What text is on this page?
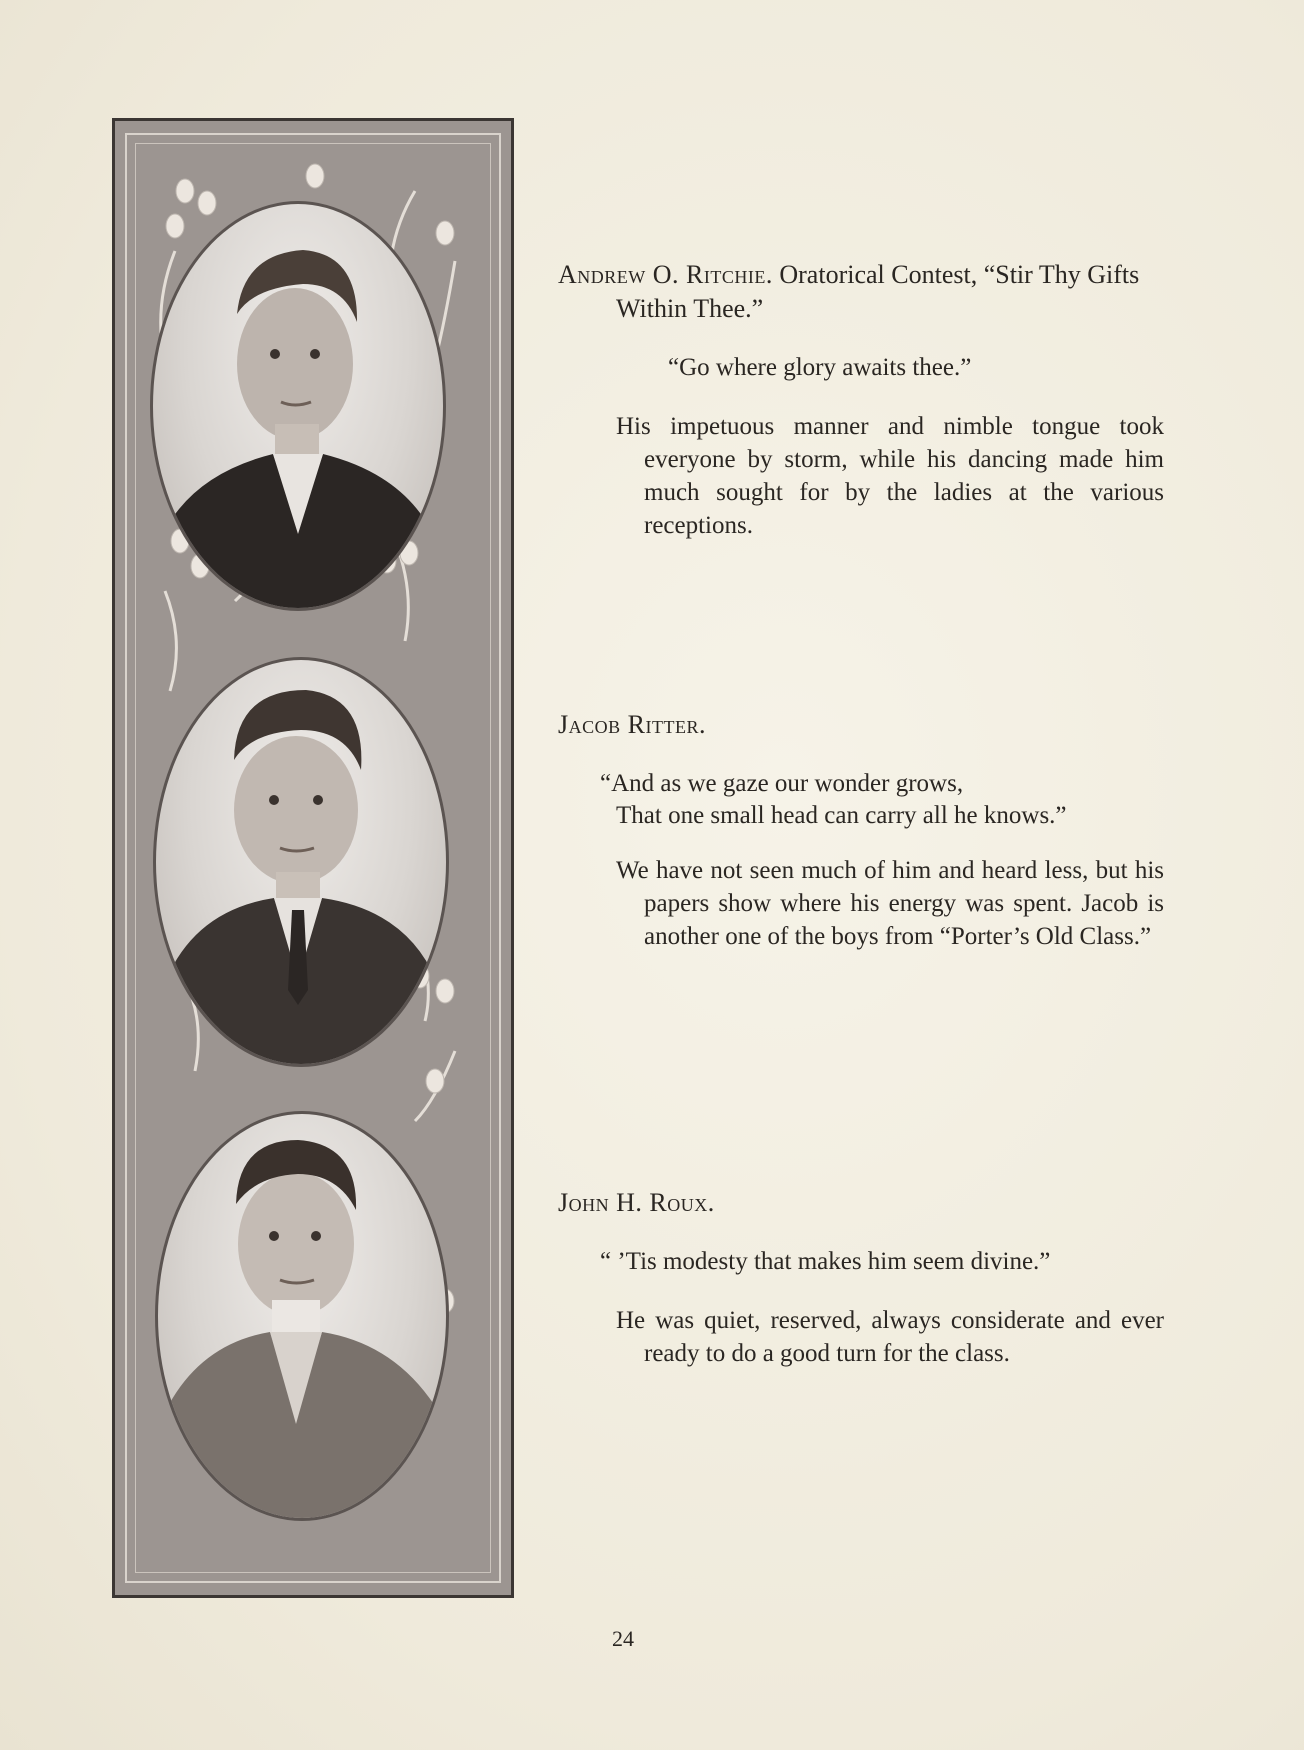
Andrew O. Ritchie. Oratorical Contest, “Stir Thy Gifts Within Thee.”

“Go where glory awaits thee.”

His impetuous manner and nimble tongue took everyone by storm, while his dancing made him much sought for by the ladies at the various receptions.

Jacob Ritter.

“And as we gaze our wonder grows,

That one small head can carry all he knows.”

We have not seen much of him and heard less, but his papers show where his energy was spent. Jacob is another one of the boys from “Porter’s Old Class.”

John H. Roux.

“ ’Tis modesty that makes him seem divine.”

He was quiet, reserved, always considerate and ever ready to do a good turn for the class.

24
